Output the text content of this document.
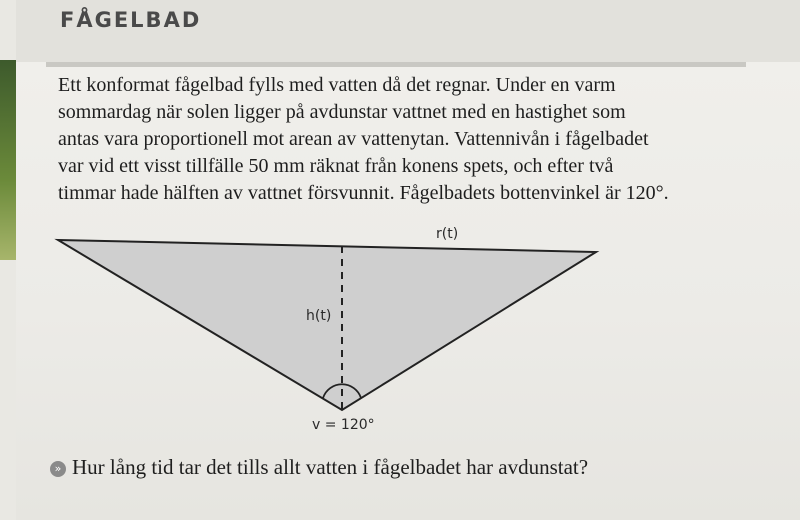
FÅGELBAD
Ett konformat fågelbad fylls med vatten då det regnar. Under en varm
sommardag när solen ligger på avdunstar vattnet med en hastighet som
antas vara proportionell mot arean av vattenytan. Vattennivån i fågelbadet
var vid ett visst tillfälle 50 mm räknat från konens spets, och efter två
timmar hade hälften av vattnet försvunnit. Fågelbadets bottenvinkel är 120°.
r(t)
h(t)
v = 120°
» Hur lång tid tar det tills allt vatten i fågelbadet har avdunstat?
